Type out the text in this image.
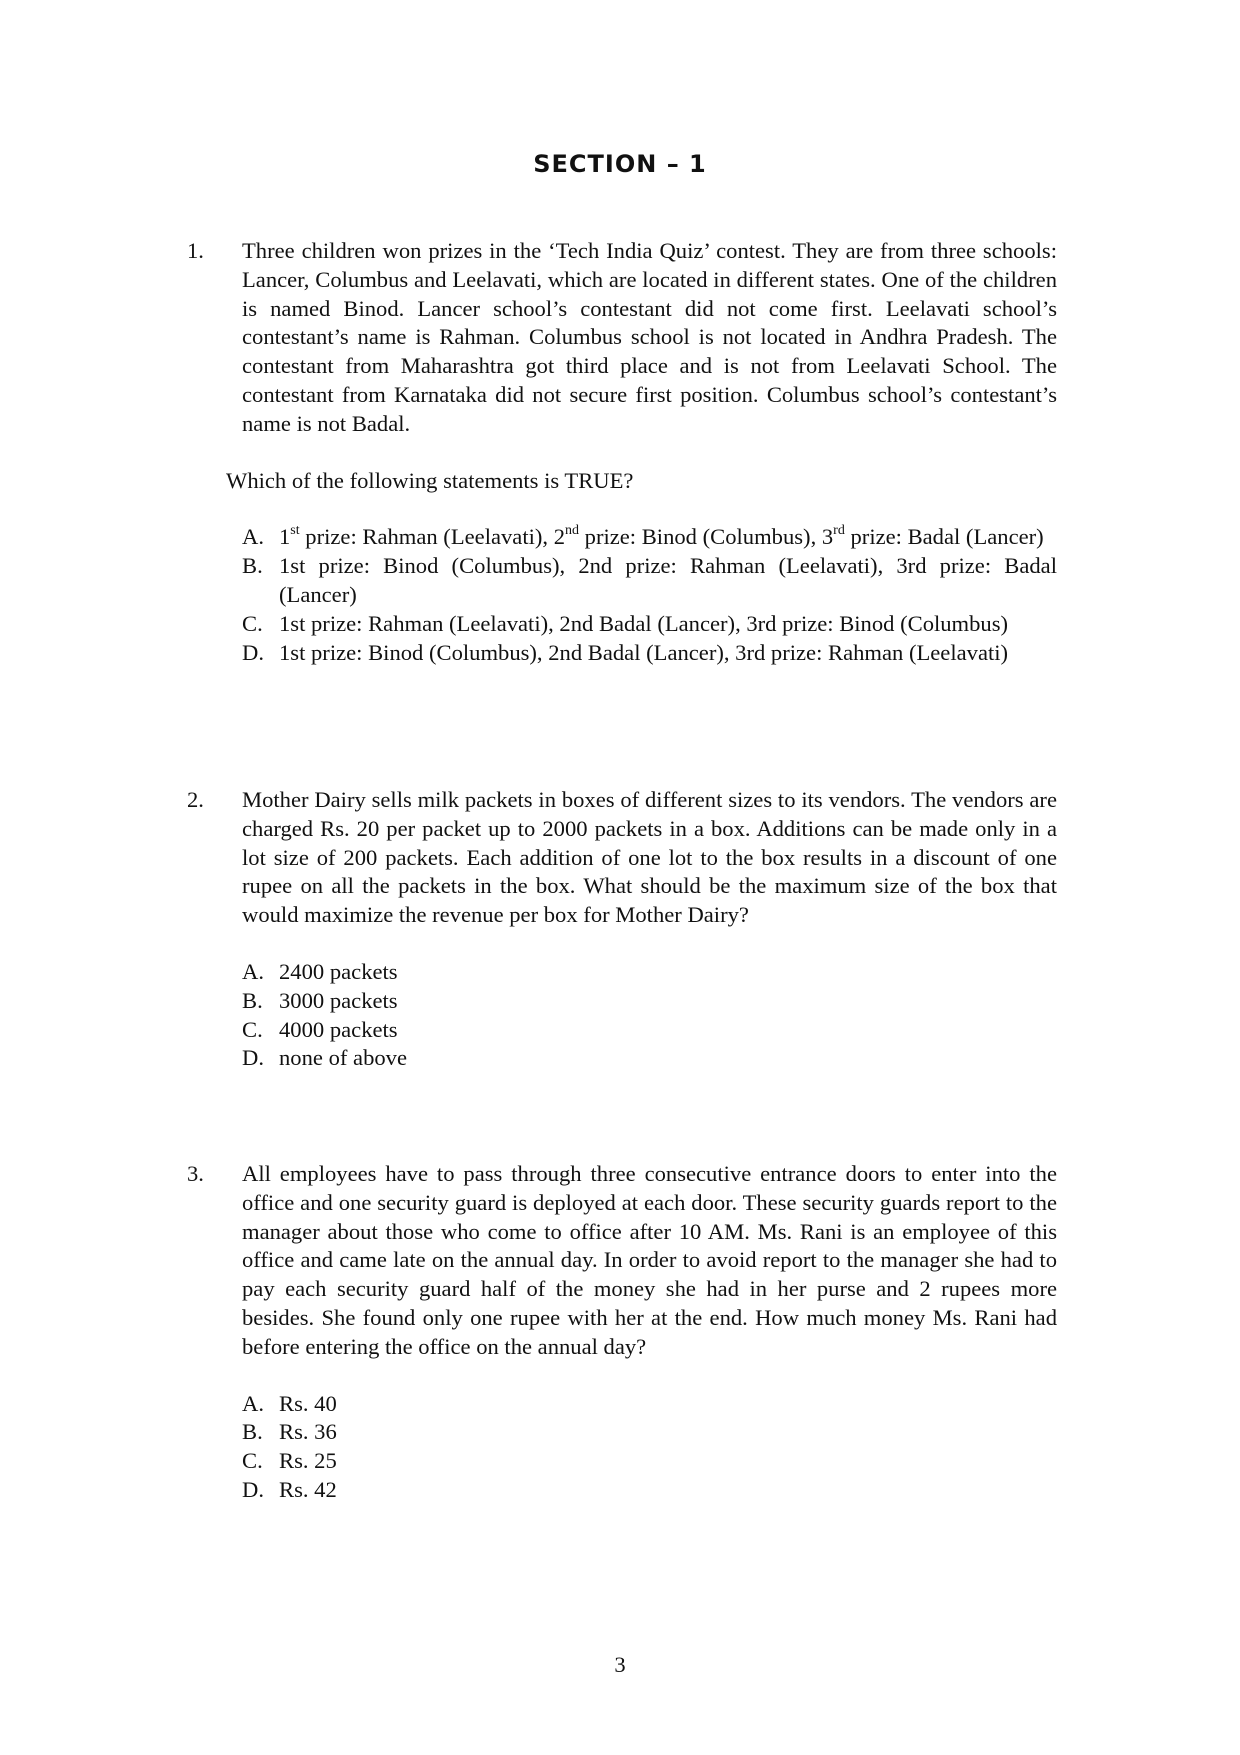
SECTION – 1
1. Three children won prizes in the ‘Tech India Quiz’ contest. They are from three schools: Lancer, Columbus and Leelavati, which are located in different states. One of the children is named Binod. Lancer school’s contestant did not come first. Leelavati school’s contestant’s name is Rahman. Columbus school is not located in Andhra Pradesh. The contestant from Maharashtra got third place and is not from Leelavati School. The contestant from Karnataka did not secure first position. Columbus school’s contestant’s name is not Badal.
Which of the following statements is TRUE?
A. 1st prize: Rahman (Leelavati), 2nd prize: Binod (Columbus), 3rd prize: Badal (Lancer)
B. 1st prize: Binod (Columbus), 2nd prize: Rahman (Leelavati), 3rd prize: Badal (Lancer)
C. 1st prize: Rahman (Leelavati), 2nd Badal (Lancer), 3rd prize: Binod (Columbus)
D. 1st prize: Binod (Columbus), 2nd Badal (Lancer), 3rd prize: Rahman (Leelavati)
2. Mother Dairy sells milk packets in boxes of different sizes to its vendors. The vendors are charged Rs. 20 per packet up to 2000 packets in a box. Additions can be made only in a lot size of 200 packets. Each addition of one lot to the box results in a discount of one rupee on all the packets in the box. What should be the maximum size of the box that would maximize the revenue per box for Mother Dairy?
A. 2400 packets
B. 3000 packets
C. 4000 packets
D. none of above
3. All employees have to pass through three consecutive entrance doors to enter into the office and one security guard is deployed at each door. These security guards report to the manager about those who come to office after 10 AM. Ms. Rani is an employee of this office and came late on the annual day. In order to avoid report to the manager she had to pay each security guard half of the money she had in her purse and 2 rupees more besides. She found only one rupee with her at the end. How much money Ms. Rani had before entering the office on the annual day?
A. Rs. 40
B. Rs. 36
C. Rs. 25
D. Rs. 42
3
